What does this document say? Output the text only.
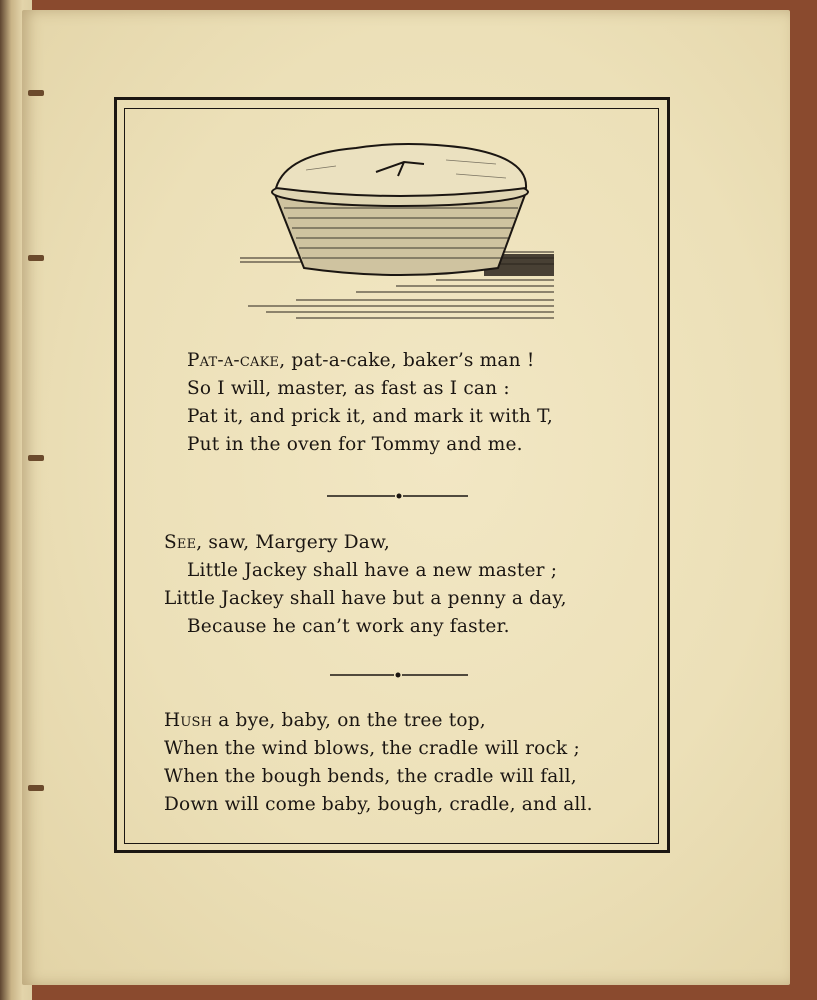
Pat-a-cake, pat-a-cake, baker’s man !
So I will, master, as fast as I can :
Pat it, and prick it, and mark it with T,
Put in the oven for Tommy and me.
See, saw, Margery Daw,
Little Jackey shall have a new master ;
Little Jackey shall have but a penny a day,
Because he can’t work any faster.
Hush a bye, baby, on the tree top,
When the wind blows, the cradle will rock ;
When the bough bends, the cradle will fall,
Down will come baby, bough, cradle, and all.
